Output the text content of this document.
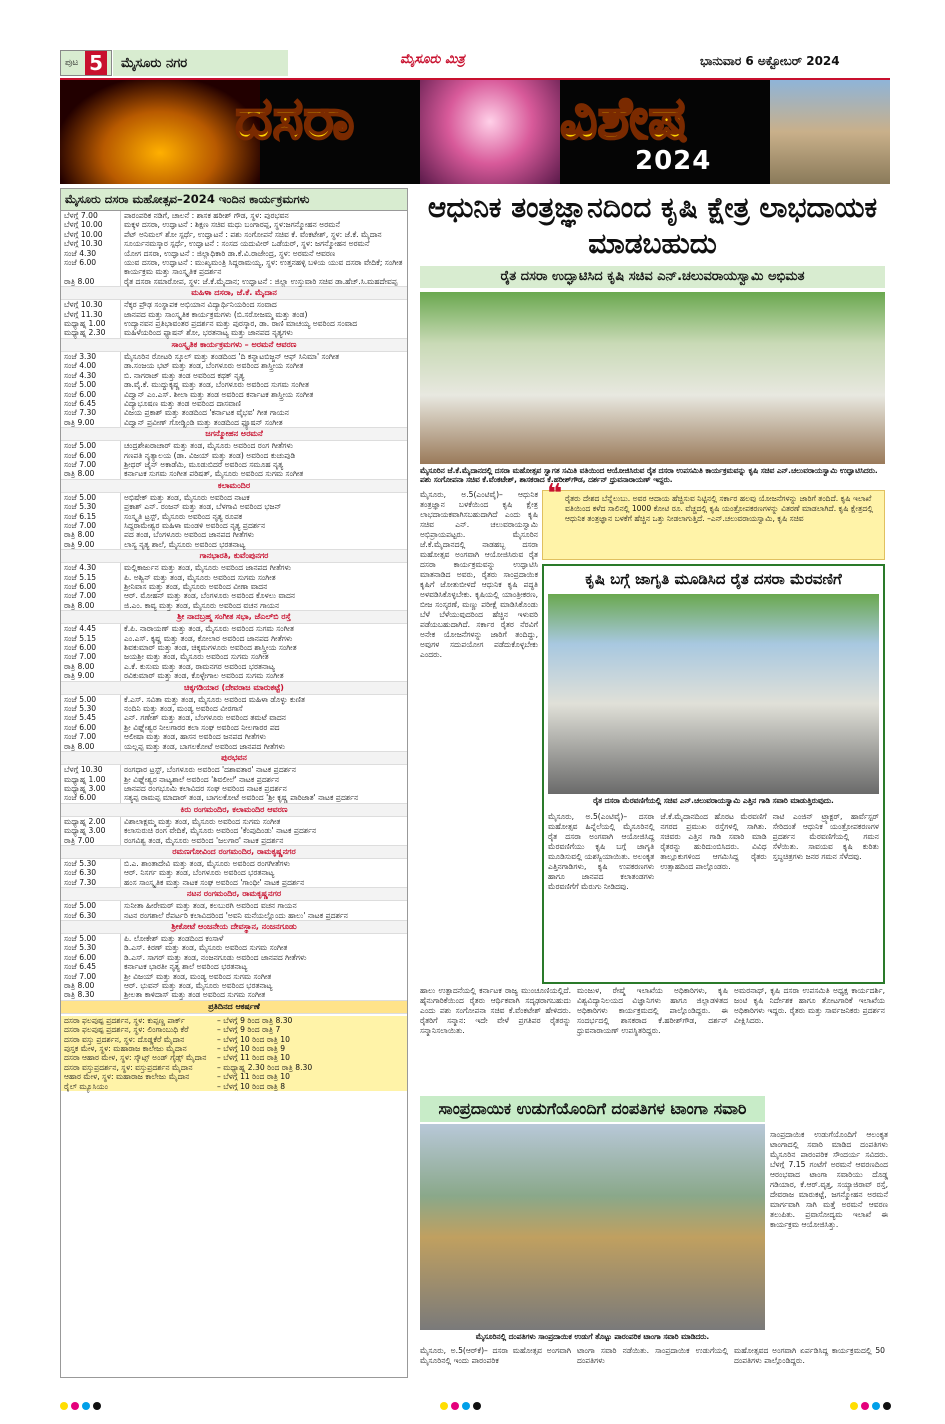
ಪುಟ 5	ಮೈಸೂರು ನಗರ	ಮೈಸೂರು ಮಿತ್ರ	ಭಾನುವಾರ 6 ಅಕ್ಟೋಬರ್ 2024
ದಸರಾ	ವಿಶೇಷ
2024
ಮೈಸೂರು ದಸರಾ ಮಹೋತ್ಸವ–2024 ಇಂದಿನ ಕಾರ್ಯಕ್ರಮಗಳು
ಬೆಳಗ್ಗೆ 7.00	ಪಾರಂಪರಿಕ ನಡಿಗೆ, ಚಾಲನೆ : ಶಾಸಕ ಹರೀಶ್ ಗೌಡ, ಸ್ಥಳ: ಪುರಭವನ
ಬೆಳಗ್ಗೆ 10.00	ಮಕ್ಕಳ ದಸರಾ, ಉದ್ಘಾಟನೆ : ಶಿಕ್ಷಣ ಸಚಿವ ಮಧು ಬಂಗಾರಪ್ಪ, ಸ್ಥಳ:ಜಗನ್ಮೋಹನ ಅರಮನೆ
ಬೆಳಗ್ಗೆ 10.00	ಪೆಟ್ ಅನಿಮಲ್ ಶೋ ಸ್ಪರ್ಧೆ, ಉದ್ಘಾಟನೆ : ಪಶು ಸಂಗೋಪನೆ ಸಚಿವ ಕೆ. ವೆಂಕಟೇಶ್, ಸ್ಥಳ: ಜೆ.ಕೆ. ಮೈದಾನ
ಬೆಳಗ್ಗೆ 10.30	ಸೂರ್ಯನಮಸ್ಕಾರ ಸ್ಪರ್ಧೆ, ಉದ್ಘಾಟನೆ : ಸಂಸದ ಯದುವೀರ್ ಒಡೆಯರ್, ಸ್ಥಳ: ಜಗನ್ಮೋಹನ ಅರಮನೆ
ಸಂಜೆ 4.30	ಯೋಗ ದಸರಾ, ಉದ್ಘಾಟನೆ : ಜಿಲ್ಲಾಧಿಕಾರಿ ಡಾ.ಕೆ.ವಿ.ರಾಜೇಂದ್ರ, ಸ್ಥಳ: ಅರಮನೆ ಆವರಣ
ಸಂಜೆ 6.00	ಯುವ ದಸರಾ, ಉದ್ಘಾಟನೆ : ಮುಖ್ಯಮಂತ್ರಿ ಸಿದ್ದರಾಮಯ್ಯ, ಸ್ಥಳ: ಉತ್ತನಹಳ್ಳಿ ಬಳಿಯ ಯುವ ದಸರಾ ವೇದಿಕೆ; ಸಂಗೀತ ಕಾರ್ಯಕ್ರಮ ಮತ್ತು ಸಾಂಸ್ಕೃತಿಕ ಪ್ರದರ್ಶನ
ರಾತ್ರಿ 8.00	ರೈತ ದಸರಾ ಸಮಾರೋಪ, ಸ್ಥಳ: ಜೆ.ಕೆ.ಮೈದಾನ; ಉದ್ಘಾಟನೆ : ಜಿಲ್ಲಾ ಉಸ್ತುವಾರಿ ಸಚಿವ ಡಾ.ಹೆಚ್.ಸಿ.ಮಹದೇವಪ್ಪ
ಮಹಿಳಾ ದಸರಾ, ಜೆ.ಕೆ. ಮೈದಾನ
ಬೆಳಗ್ಗೆ 10.30	ನೆಕ್ಕರ ಪ್ರೌಢ ಸಂಸ್ಥಾಪಕ ಅಭಿಯಾನ ವಿದ್ಯಾರ್ಥಿನಿಯರಿಂದ ಸಂವಾದ
ಬೆಳಗ್ಗೆ 11.30	ಜಾನಪದ ಮತ್ತು ಸಾಂಸ್ಕೃತಿಕ ಕಾರ್ಯಕ್ರಮಗಳು (ಬಿ.ಸರೋಜಮ್ಮ ಮತ್ತು ತಂಡ)
ಮಧ್ಯಾಹ್ನ 1.00	ಉದ್ಯಾನವನ ಪ್ರತಿಭಾವಂತರ ಪ್ರದರ್ಶನ ಮತ್ತು ಪುರಸ್ಕಾರ, ಡಾ. ರಾಣಿ ಮಾಚಯ್ಯ ಅವರಿಂದ ಸಂವಾದ
ಮಧ್ಯಾಹ್ನ 2.30	ಮಹಿಳೆಯರಿಂದ ಫ್ಯಾಷನ್ ಶೋ, ಭರತನಾಟ್ಯ ಮತ್ತು ಜಾನಪದ ನೃತ್ಯಗಳು
ಸಾಂಸ್ಕೃತಿಕ ಕಾರ್ಯಕ್ರಮಗಳು – ಅರಮನೆ ಆವರಣ
ಸಂಜೆ 3.30	ಮೈಸೂರಿನ ರೋಟರಿ ಸ್ಕೂಲ್ ಮತ್ತು ತಂಡದಿಂದ 'ದಿ ಕನ್ನಾಟಬಿಜ್ಜನ್ ಆಫ್ ಸಿನಿಮಾ' ಸಂಗೀತ
ಸಂಜೆ 4.00	ಡಾ.ಸಂಜಯ ಭಟ್ ಮತ್ತು ತಂಡ, ಬೆಂಗಳೂರು ಅವರಿಂದ ಶಾಸ್ತ್ರೀಯ ಸಂಗೀತ
ಸಂಜೆ 4.30	ಬಿ. ನಾಗರಾಜ್ ಮತ್ತು ತಂಡ ಅವರಿಂದ ಕಥಕ್ ನೃತ್ಯ
ಸಂಜೆ 5.00	ಡಾ.ವೈ.ಕೆ. ಮುದ್ದುಕೃಷ್ಣ ಮತ್ತು ತಂಡ, ಬೆಂಗಳೂರು ಅವರಿಂದ ಸುಗಮ ಸಂಗೀತ
ಸಂಜೆ 6.00	ವಿದ್ವಾನ್ ಎಂ.ಎಸ್. ಶೀಲಾ ಮತ್ತು ತಂಡ ಅವರಿಂದ ಕರ್ನಾಟಕ ಶಾಸ್ತ್ರೀಯ ಸಂಗೀತ
ಸಂಜೆ 6.45	ವಿದ್ಯಾಭೂಷಣ ಮತ್ತು ತಂಡ ಅವರಿಂದ ದಾಸವಾಣಿ
ಸಂಜೆ 7.30	ವಿಜಯ ಪ್ರಕಾಶ್ ಮತ್ತು ತಂಡದಿಂದ 'ಕರ್ನಾಟಕ ವೈಭವ' ಗೀತ ಗಾಯನ
ರಾತ್ರಿ 9.00	ವಿದ್ವಾನ್ ಪ್ರವೀಣ್ ಗೋಡ್ಖಿಂಡಿ ಮತ್ತು ತಂಡದಿಂದ ಫ್ಯೂಷನ್ ಸಂಗೀತ
ಜಗನ್ಮೋಹನ ಅರಮನೆ
ಸಂಜೆ 5.00	ಚಂದ್ರಶೇಖರಾಚಾರ್ ಮತ್ತು ತಂಡ, ಮೈಸೂರು ಅವರಿಂದ ರಂಗ ಗೀತೆಗಳು
ಸಂಜೆ 6.00	ಗಣಪತಿ ನೃತ್ಯಾಲಯ (ಡಾ. ವಿಜಯ್ ಮತ್ತು ತಂಡ) ಅವರಿಂದ ಕುಚುಪುಡಿ
ಸಂಜೆ 7.00	ಶ್ರೀಧರ್ ಜೈನ್ ಅಕಾಡೆಮಿ, ಮೂಡುಬಿದರೆ ಅವರಿಂದ ಸಮೂಹ ನೃತ್ಯ
ರಾತ್ರಿ 8.00	ಕರ್ನಾಟಕ ಸುಗಮ ಸಂಗೀತ ಪರಿಷತ್, ಮೈಸೂರು ಅವರಿಂದ ಸುಗಮ ಸಂಗೀತ
ಕಲಾಮಂದಿರ
ಸಂಜೆ 5.00	ಅಭಿಷೇಕ್ ಮತ್ತು ತಂಡ, ಮೈಸೂರು ಅವರಿಂದ ನಾಟಕ
ಸಂಜೆ 5.30	ಪ್ರಕಾಶ್ ಎನ್. ರಂಜನ್ ಮತ್ತು ತಂಡ, ಬೆಳಗಾವಿ ಅವರಿಂದ ಭಜನ್
ಸಂಜೆ 6.15	ಸಂಸ್ಕೃತಿ ಟ್ರಸ್ಟ್, ಮೈಸೂರು ಅವರಿಂದ ನೃತ್ಯ ರೂಪಕ
ಸಂಜೆ 7.00	ಸಿದ್ದರಾಮೇಶ್ವರ ಮಹಿಳಾ ಮಂಡಳಿ ಅವರಿಂದ ನೃತ್ಯ ಪ್ರದರ್ಶನ
ರಾತ್ರಿ 8.00	ಪದ ತಂಡ, ಬೆಂಗಳೂರು ಅವರಿಂದ ಜಾನಪದ ಗೀತೆಗಳು
ರಾತ್ರಿ 9.00	ಲಾಸ್ಯ ನೃತ್ಯ ಶಾಲೆ, ಮೈಸೂರು ಅವರಿಂದ ಭರತನಾಟ್ಯ
ಗಾನಭಾರತಿ, ಕುವೆಂಪುನಗರ
ಸಂಜೆ 4.30	ಮಲ್ಲಿಕಾರ್ಜುನ ಮತ್ತು ತಂಡ, ಮೈಸೂರು ಅವರಿಂದ ಜಾನಪದ ಗೀತೆಗಳು
ಸಂಜೆ 5.15	ಪಿ. ಅಶ್ವಿನ್ ಮತ್ತು ತಂಡ, ಮೈಸೂರು ಅವರಿಂದ ಸುಗಮ ಸಂಗೀತ
ಸಂಜೆ 6.00	ಶ್ರೀನಿವಾಸ ಮತ್ತು ತಂಡ, ಮೈಸೂರು ಅವರಿಂದ ವೀಣಾ ವಾದನ
ಸಂಜೆ 7.00	ಆರ್. ಮೋಹನ್ ಮತ್ತು ತಂಡ, ಬೆಂಗಳೂರು ಅವರಿಂದ ಕೊಳಲು ವಾದನ
ರಾತ್ರಿ 8.00	ಜಿ.ಎಂ. ಕಾವ್ಯ ಮತ್ತು ತಂಡ, ಮೈಸೂರು ಅವರಿಂದ ವಚನ ಗಾಯನ
ಶ್ರೀ ನಾದಬ್ರಹ್ಮ ಸಂಗೀತ ಸಭಾ, ಜೆಎಲ್‌ಬಿ ರಸ್ತೆ
ಸಂಜೆ 4.45	ಕೆ.ಪಿ. ನಾರಾಯಣ್ ಮತ್ತು ತಂಡ, ಮೈಸೂರು ಅವರಿಂದ ಸುಗಮ ಸಂಗೀತ
ಸಂಜೆ 5.15	ಎಂ.ಎಸ್. ಕೃಷ್ಣ ಮತ್ತು ತಂಡ, ಕೋಲಾರ ಅವರಿಂದ ಜಾನಪದ ಗೀತೆಗಳು
ಸಂಜೆ 6.00	ಶಿವಕುಮಾರ್ ಮತ್ತು ತಂಡ, ಚಿಕ್ಕಮಗಳೂರು ಅವರಿಂದ ಶಾಸ್ತ್ರೀಯ ಸಂಗೀತ
ಸಂಜೆ 7.00	ಜಯಶ್ರೀ ಮತ್ತು ತಂಡ, ಮೈಸೂರು ಅವರಿಂದ ಸುಗಮ ಸಂಗೀತ
ರಾತ್ರಿ 8.00	ಎ.ಕೆ. ಕುಸುಮ ಮತ್ತು ತಂಡ, ರಾಮನಗರ ಅವರಿಂದ ಭರತನಾಟ್ಯ
ರಾತ್ರಿ 9.00	ರವಿಕುಮಾರ್ ಮತ್ತು ತಂಡ, ಕೊಳ್ಳೇಗಾಲ ಅವರಿಂದ ಸುಗಮ ಸಂಗೀತ
ಚಿಕ್ಕಗಡಿಯಾರ (ದೇವರಾಜ ಮಾರುಕಟ್ಟೆ)
ಸಂಜೆ 5.00	ಕೆ.ಎಸ್. ಸವಿತಾ ಮತ್ತು ತಂಡ, ಮೈಸೂರು ಅವರಿಂದ ಮಹಿಳಾ ಡೊಳ್ಳು ಕುಣಿತ
ಸಂಜೆ 5.30	ನಂದಿನಿ ಮತ್ತು ತಂಡ, ಮಂಡ್ಯ ಅವರಿಂದ ವೀರಗಾಸೆ
ಸಂಜೆ 5.45	ಎನ್. ಗಣೇಶ್ ಮತ್ತು ತಂಡ, ಬೆಂಗಳೂರು ಅವರಿಂದ ತಮಟೆ ವಾದನ
ಸಂಜೆ 6.00	ಶ್ರೀ ವಿಘ್ನೇಶ್ವರ ನೀಲಗಾರರ ಕಲಾ ಸಂಘ ಅವರಿಂದ ನೀಲಗಾರರ ಪದ
ಸಂಜೆ 7.00	ಆಲೀಷಾ ಮತ್ತು ತಂಡ, ಹಾಸನ ಅವರಿಂದ ಜನಪದ ಗೀತೆಗಳು
ರಾತ್ರಿ 8.00	ಯಲ್ಲಪ್ಪ ಮತ್ತು ತಂಡ, ಬಾಗಲಕೋಟೆ ಅವರಿಂದ ಜಾನಪದ ಗೀತೆಗಳು
ಪುರಭವನ
ಬೆಳಗ್ಗೆ 10.30	ರಂಗಧಾರ ಟ್ರಸ್ಟ್, ಬೆಂಗಳೂರು ಅವರಿಂದ 'ದಶಾವತಾರ' ನಾಟಕ ಪ್ರದರ್ಶನ
ಮಧ್ಯಾಹ್ನ 1.00	ಶ್ರೀ ವಿಘ್ನೇಶ್ವರ ನಾಟ್ಯಶಾಲೆ ಅವರಿಂದ 'ಶಿವಲೀಲೆ' ನಾಟಕ ಪ್ರದರ್ಶನ
ಮಧ್ಯಾಹ್ನ 3.00	ಜಾನಪದ ರಂಗಭೂಮಿ ಕಲಾವಿದರ ಸಂಘ ಅವರಿಂದ ನಾಟಕ ಪ್ರದರ್ಶನ
ಸಂಜೆ 6.00	ಸತ್ಯಪ್ಪ ರಾಮಪ್ಪ ಮಾದಾರ್ ತಂಡ, ಬಾಗಲಕೋಟೆ ಅವರಿಂದ 'ಶ್ರೀ ಕೃಷ್ಣ ಪಾರಿಜಾತ' ನಾಟಕ ಪ್ರದರ್ಶನ
ಕಿರು ರಂಗಮಂದಿರ, ಕಲಾಮಂದಿರ ಆವರಣ
ಮಧ್ಯಾಹ್ನ 2.00	ವಿಶಾಲಾಕ್ಷಮ್ಮ ಮತ್ತು ತಂಡ, ಮೈಸೂರು ಅವರಿಂದ ಸುಗಮ ಸಂಗೀತ
ಮಧ್ಯಾಹ್ನ 3.00	ಕಲಾಸುರುಚಿ ರಂಗ ವೇದಿಕೆ, ಮೈಸೂರು ಅವರಿಂದ 'ಕೆಂಪುದಿಂಡು' ನಾಟಕ ಪ್ರದರ್ಶನ
ರಾತ್ರಿ 7.00	ರಂಗವಿಶ್ವ ತಂಡ, ಮೈಸೂರು ಅವರಿಂದ 'ಜಲಗಾರ' ನಾಟಕ ಪ್ರದರ್ಶನ
ರಮಣಗೋವಿಂದ ರಂಗಮಂದಿರ, ರಾಮಕೃಷ್ಣನಗರ
ಸಂಜೆ 5.30	ಬಿ.ಎ. ಶಾಂತಾದೇವಿ ಮತ್ತು ತಂಡ, ಮೈಸೂರು ಅವರಿಂದ ರಂಗಗೀತೆಗಳು
ಸಂಜೆ 6.30	ಆರ್. ನಿಸರ್ಗ ಮತ್ತು ತಂಡ, ಬೆಂಗಳೂರು ಅವರಿಂದ ಭರತನಾಟ್ಯ
ಸಂಜೆ 7.30	ಹಂಸ ಸಾಂಸ್ಕೃತಿಕ ಮತ್ತು ನಾಟಕ ಸಂಘ ಅವರಿಂದ 'ಗಾಂಧೀ' ನಾಟಕ ಪ್ರದರ್ಶನ
ನಟನ ರಂಗಮಂದಿರ, ರಾಮಕೃಷ್ಣನಗರ
ಸಂಜೆ 5.00	ಸುನೀತಾ ಹೀರೇಮಠ್ ಮತ್ತು ತಂಡ, ಕಲಬುರಗಿ ಅವರಿಂದ ವಚನ ಗಾಯನ
ಸಂಜೆ 6.30	ನಟನ ರಂಗಶಾಲೆ ರೆಪರ್ಟರಿ ಕಲಾವಿದರಿಂದ 'ಅವನಿ ಮನೆಯಲ್ಲೊಂದು ಹಾಲು' ನಾಟಕ ಪ್ರದರ್ಶನ
ಶ್ರೀಕೋಟೆ ಆಂಜನೇಯ ದೇವಸ್ಥಾನ, ನಂಜನಗೂಡು
ಸಂಜೆ 5.00	ಪಿ. ಲೋಕೇಶ್ ಮತ್ತು ತಂಡದಿಂದ ಕಂಸಾಳೆ
ಸಂಜೆ 5.30	ಡಿ.ಎಸ್. ಕಿರಣ್ ಮತ್ತು ತಂಡ, ಮೈಸೂರು ಅವರಿಂದ ಸುಗಮ ಸಂಗೀತ
ಸಂಜೆ 6.00	ಡಿ.ಎಸ್. ಸಾಗರ್ ಮತ್ತು ತಂಡ, ನಂಜನಗೂಡು ಅವರಿಂದ ಜಾನಪದ ಗೀತೆಗಳು
ಸಂಜೆ 6.45	ಕರ್ನಾಟಕ ಭಾರತೀ ನೃತ್ಯ ಶಾಲೆ ಅವರಿಂದ ಭರತನಾಟ್ಯ
ಸಂಜೆ 7.00	ಶ್ರೀ ವಿಜಯ್ ಮತ್ತು ತಂಡ, ಮಂಡ್ಯ ಅವರಿಂದ ಸುಗಮ ಸಂಗೀತ
ರಾತ್ರಿ 8.00	ಆರ್. ಭುವನ್ ಮತ್ತು ತಂಡ, ಮೈಸೂರು ಅವರಿಂದ ಭರತನಾಟ್ಯ
ರಾತ್ರಿ 8.30	ಶ್ರೀಲತಾ ಕಾಳಿದಾಸ್ ಮತ್ತು ತಂಡ ಅವರಿಂದ ಸುಗಮ ಸಂಗೀತ
ಪ್ರತಿದಿನದ ಆಕರ್ಷಣೆ
ದಸರಾ ಫಲಪುಷ್ಪ ಪ್ರದರ್ಶನ, ಸ್ಥಳ: ಕುಪ್ಪಣ್ಣ ಪಾರ್ಕ್	– ಬೆಳಗ್ಗೆ 9 ರಿಂದ ರಾತ್ರಿ 8.30
ದಸರಾ ಫಲಪುಷ್ಪ ಪ್ರದರ್ಶನ, ಸ್ಥಳ: ಲಿಂಗಾಂಬುಧಿ ಕೆರೆ	– ಬೆಳಗ್ಗೆ 9 ರಿಂದ ರಾತ್ರಿ 7
ದಸರಾ ವಸ್ತು ಪ್ರದರ್ಶನ, ಸ್ಥಳ: ದೊಡ್ಡಕೆರೆ ಮೈದಾನ	– ಬೆಳಗ್ಗೆ 10 ರಿಂದ ರಾತ್ರಿ 10
ಪುಸ್ತಕ ಮೇಳ, ಸ್ಥಳ: ಮಹಾರಾಜ ಕಾಲೇಜು ಮೈದಾನ	– ಬೆಳಗ್ಗೆ 10 ರಿಂದ ರಾತ್ರಿ 9
ದಸರಾ ಆಹಾರ ಮೇಳ, ಸ್ಥಳ: ಸ್ಕೌಟ್ಸ್ ಅಂಡ್ ಗೈಡ್ಸ್ ಮೈದಾನ	– ಬೆಳಗ್ಗೆ 11 ರಿಂದ ರಾತ್ರಿ 10
ದಸರಾ ವಸ್ತುಪ್ರದರ್ಶನ, ಸ್ಥಳ: ವಸ್ತುಪ್ರದರ್ಶನ ಮೈದಾನ	– ಮಧ್ಯಾಹ್ನ 2.30 ರಿಂದ ರಾತ್ರಿ 8.30
ಆಹಾರ ಮೇಳ, ಸ್ಥಳ: ಮಹಾರಾಜ ಕಾಲೇಜು ಮೈದಾನ	– ಬೆಳಗ್ಗೆ 11 ರಿಂದ ರಾತ್ರಿ 10
ರೈಲ್ ಮ್ಯೂಸಿಯಂ	– ಬೆಳಗ್ಗೆ 10 ರಿಂದ ರಾತ್ರಿ 8
ಆಧುನಿಕ ತಂತ್ರಜ್ಞಾನದಿಂದ ಕೃಷಿ ಕ್ಷೇತ್ರ ಲಾಭದಾಯಕ ಮಾಡಬಹುದು
ರೈತ ದಸರಾ ಉದ್ಘಾಟಿಸಿದ ಕೃಷಿ ಸಚಿವ ಎನ್.ಚಲುವರಾಯಸ್ವಾಮಿ ಅಭಿಮತ
ಮೈಸೂರಿನ ಜೆ.ಕೆ.ಮೈದಾನದಲ್ಲಿ ದಸರಾ ಮಹೋತ್ಸವ ಸ್ವಾಗತ ಸಮಿತಿ ವತಿಯಿಂದ ಆಯೋಜಿಸಿರುವ ರೈತ ದಸರಾ ಉಪಸಮಿತಿ ಕಾರ್ಯಕ್ರಮವನ್ನು ಕೃಷಿ ಸಚಿವ ಎನ್.ಚಲುವರಾಯಸ್ವಾಮಿ ಉದ್ಘಾಟಿಸಿದರು. ಪಶು ಸಂಗೋಪನಾ ಸಚಿವ ಕೆ.ವೆಂಕಟೇಶ್, ಶಾಸಕರಾದ ಕೆ.ಹರೀಶ್‌ಗೌಡ, ದರ್ಶನ್ ಧ್ರುವನಾರಾಯಣ್ ಇದ್ದರು.
ಮೈಸೂರು, ಅ.5(ಎಂಟಿವೈ)– ಆಧುನಿಕ ತಂತ್ರಜ್ಞಾನ ಬಳಕೆಯಿಂದ ಕೃಷಿ ಕ್ಷೇತ್ರ ಲಾಭದಾಯಕವಾಗಿಸಬಹುದಾಗಿದೆ ಎಂದು ಕೃಷಿ ಸಚಿವ ಎನ್. ಚಲುವರಾಯಸ್ವಾಮಿ ಅಭಿಪ್ರಾಯಪಟ್ಟರು. ಮೈಸೂರಿನ ಜೆ.ಕೆ.ಮೈದಾನದಲ್ಲಿ ನಾಡಹಬ್ಬ ದಸರಾ ಮಹೋತ್ಸವ ಅಂಗವಾಗಿ ಆಯೋಜಿಸಿರುವ ರೈತ ದಸರಾ ಕಾರ್ಯಕ್ರಮವನ್ನು ಉದ್ಘಾಟಿಸಿ ಮಾತನಾಡಿದ ಅವರು, ರೈತರು ಸಾಂಪ್ರದಾಯಿಕ ಕೃಷಿಗೆ ಜೋತುಬೀಳದೆ ಆಧುನಿಕ ಕೃಷಿ ಪದ್ಧತಿ ಅಳವಡಿಸಿಕೊಳ್ಳಬೇಕು. ಕೃಷಿಯಲ್ಲಿ ಯಾಂತ್ರೀಕರಣ, ಬೀಜ ಸಂಸ್ಕರಣೆ, ಮಣ್ಣು ಪರೀಕ್ಷೆ ಮಾಡಿಸಿಕೊಂಡು ಬೆಳೆ ಬೆಳೆಯುವುದರಿಂದ ಹೆಚ್ಚಿನ ಇಳುವರಿ ಪಡೆಯಬಹುದಾಗಿದೆ. ಸರ್ಕಾರ ರೈತರ ನೆರವಿಗೆ ಅನೇಕ ಯೋಜನೆಗಳನ್ನು ಜಾರಿಗೆ ತಂದಿದ್ದು, ಅವುಗಳ ಸದುಪಯೋಗ ಪಡೆದುಕೊಳ್ಳಬೇಕು ಎಂದರು.
❝ ರೈತರು ದೇಶದ ಬೆನ್ನೆಲುಬು. ಅವರ ಆದಾಯ ಹೆಚ್ಚಿಸುವ ನಿಟ್ಟಿನಲ್ಲಿ ಸರ್ಕಾರ ಹಲವು ಯೋಜನೆಗಳನ್ನು ಜಾರಿಗೆ ತಂದಿದೆ. ಕೃಷಿ ಇಲಾಖೆ ವತಿಯಿಂದ ಕಳೆದ ಸಾಲಿನಲ್ಲಿ 1000 ಕೋಟಿ ರೂ. ವೆಚ್ಚದಲ್ಲಿ ಕೃಷಿ ಯಂತ್ರೋಪಕರಣಗಳನ್ನು ವಿತರಣೆ ಮಾಡಲಾಗಿದೆ. ಕೃಷಿ ಕ್ಷೇತ್ರದಲ್ಲಿ ಆಧುನಿಕ ತಂತ್ರಜ್ಞಾನ ಬಳಕೆಗೆ ಹೆಚ್ಚಿನ ಒತ್ತು ನೀಡಲಾಗುತ್ತಿದೆ. –ಎನ್.ಚಲುವರಾಯಸ್ವಾಮಿ, ಕೃಷಿ ಸಚಿವ
ಕೃಷಿ ಬಗ್ಗೆ ಜಾಗೃತಿ ಮೂಡಿಸಿದ ರೈತ ದಸರಾ ಮೆರವಣಿಗೆ
ರೈತ ದಸರಾ ಮೆರವಣಿಗೆಯಲ್ಲಿ ಸಚಿವ ಎನ್.ಚಲುವರಾಯಸ್ವಾಮಿ ಎತ್ತಿನ ಗಾಡಿ ಸವಾರಿ ಮಾಡುತ್ತಿರುವುದು.
ಮೈಸೂರು, ಅ.5(ಎಂಟಿವೈ)– ದಸರಾ ಮಹೋತ್ಸವ ಹಿನ್ನೆಲೆಯಲ್ಲಿ ಮೈಸೂರಿನಲ್ಲಿ ರೈತ ದಸರಾ ಅಂಗವಾಗಿ ಆಯೋಜಿಸಿದ್ದ ಮೆರವಣಿಗೆಯು ಕೃಷಿ ಬಗ್ಗೆ ಜಾಗೃತಿ ಮೂಡಿಸುವಲ್ಲಿ ಯಶಸ್ವಿಯಾಯಿತು. ಅಲಂಕೃತ ಎತ್ತಿನಗಾಡಿಗಳು, ಕೃಷಿ ಉಪಕರಣಗಳು ಹಾಗೂ ಜಾನಪದ ಕಲಾತಂಡಗಳು ಮೆರವಣಿಗೆಗೆ ಮೆರುಗು ನೀಡಿದವು.
ಜೆ.ಕೆ.ಮೈದಾನದಿಂದ ಹೊರಟ ಮೆರವಣಿಗೆ ನಗರದ ಪ್ರಮುಖ ರಸ್ತೆಗಳಲ್ಲಿ ಸಾಗಿತು. ಸಚಿವರು ಎತ್ತಿನ ಗಾಡಿ ಸವಾರಿ ಮಾಡಿ ರೈತರನ್ನು ಹುರಿದುಂಬಿಸಿದರು. ವಿವಿಧ ತಾಲ್ಲೂಕುಗಳಿಂದ ಆಗಮಿಸಿದ್ದ ರೈತರು ಉತ್ಸಾಹದಿಂದ ಪಾಲ್ಗೊಂಡರು.
ನಾಟಿ ಎಂಜಿನ್ ಟ್ರ್ಯಾಕ್ಟರ್, ಹಾರ್ವೆಸ್ಟರ್ ಸೇರಿದಂತೆ ಆಧುನಿಕ ಯಂತ್ರೋಪಕರಣಗಳ ಪ್ರದರ್ಶನ ಮೆರವಣಿಗೆಯಲ್ಲಿ ಗಮನ ಸೆಳೆಯಿತು. ಸಾವಯವ ಕೃಷಿ ಕುರಿತು ಸ್ತಬ್ಧಚಿತ್ರಗಳು ಜನರ ಗಮನ ಸೆಳೆದವು.
ಹಾಲು ಉತ್ಪಾದನೆಯಲ್ಲಿ ಕರ್ನಾಟಕ ರಾಜ್ಯ ಮುಂಚೂಣಿಯಲ್ಲಿದೆ. ಹೈನುಗಾರಿಕೆಯಿಂದ ರೈತರು ಆರ್ಥಿಕವಾಗಿ ಸದೃಢರಾಗಬಹುದು ಎಂದು ಪಶು ಸಂಗೋಪನಾ ಸಚಿವ ಕೆ.ವೆಂಕಟೇಶ್ ಹೇಳಿದರು. ರೈತರಿಗೆ ಸನ್ಮಾನ: ಇದೇ ವೇಳೆ ಪ್ರಗತಿಪರ ರೈತರನ್ನು ಸನ್ಮಾನಿಸಲಾಯಿತು.
ಮಂಜುಳ, ರೇಷ್ಮೆ ಇಲಾಖೆಯ ಅಧಿಕಾರಿಗಳು, ಕೃಷಿ ವಿಶ್ವವಿದ್ಯಾನಿಲಯದ ವಿಜ್ಞಾನಿಗಳು ಹಾಗೂ ಜಿಲ್ಲಾಡಳಿತದ ಅಧಿಕಾರಿಗಳು ಕಾರ್ಯಕ್ರಮದಲ್ಲಿ ಪಾಲ್ಗೊಂಡಿದ್ದರು. ಈ ಸಂದರ್ಭದಲ್ಲಿ ಶಾಸಕರಾದ ಕೆ.ಹರೀಶ್‌ಗೌಡ, ದರ್ಶನ್ ಧ್ರುವನಾರಾಯಣ್ ಉಪಸ್ಥಿತರಿದ್ದರು.
ಅಮರನಾಥ್, ಕೃಷಿ ದಸರಾ ಉಪಸಮಿತಿ ಅಧ್ಯಕ್ಷ ಕಾರ್ಯದರ್ಶಿ, ಜಂಟಿ ಕೃಷಿ ನಿರ್ದೇಶಕ ಹಾಗೂ ತೋಟಗಾರಿಕೆ ಇಲಾಖೆಯ ಅಧಿಕಾರಿಗಳು ಇದ್ದರು. ರೈತರು ಮತ್ತು ಸಾರ್ವಜನಿಕರು ಪ್ರದರ್ಶನ ವೀಕ್ಷಿಸಿದರು.
ಸಾಂಪ್ರದಾಯಿಕ ಉಡುಗೆಯೊಂದಿಗೆ ದಂಪತಿಗಳ ಟಾಂಗಾ ಸವಾರಿ
ಮೈಸೂರಿನಲ್ಲಿ ದಂಪತಿಗಳು ಸಾಂಪ್ರದಾಯಿಕ ಉಡುಗೆ ತೊಟ್ಟು ಪಾರಂಪರಿಕ ಟಾಂಗಾ ಸವಾರಿ ಮಾಡಿದರು.
ಸಾಂಪ್ರದಾಯಿಕ ಉಡುಗೆಯೊಂದಿಗೆ ಆಲಂಕೃತ ಟಾಂಗಾದಲ್ಲಿ ಸವಾರಿ ಮಾಡಿದ ದಂಪತಿಗಳು ಮೈಸೂರಿನ ಪಾರಂಪರಿಕ ಸೌಂದರ್ಯ ಸವಿದರು. ಬೆಳಗ್ಗೆ 7.15 ಗಂಟೆಗೆ ಅರಮನೆ ಆವರಣದಿಂದ ಆರಂಭವಾದ ಟಾಂಗಾ ಸವಾರಿಯು ದೊಡ್ಡ ಗಡಿಯಾರ, ಕೆ.ಆರ್.ವೃತ್ತ, ಸಯ್ಯಾಜಿರಾವ್ ರಸ್ತೆ, ದೇವರಾಜ ಮಾರುಕಟ್ಟೆ, ಜಗನ್ಮೋಹನ ಅರಮನೆ ಮಾರ್ಗವಾಗಿ ಸಾಗಿ ಮತ್ತೆ ಅರಮನೆ ಆವರಣ ತಲುಪಿತು. ಪ್ರವಾಸೋದ್ಯಮ ಇಲಾಖೆ ಈ ಕಾರ್ಯಕ್ರಮ ಆಯೋಜಿಸಿತ್ತು.
ಮೈಸೂರು, ಅ.5(ಆರ್‌ಕೆ)– ದಸರಾ ಮಹೋತ್ಸವ ಅಂಗವಾಗಿ ಮೈಸೂರಿನಲ್ಲಿ ಇಂದು ಪಾರಂಪರಿಕ
ಟಾಂಗಾ ಸವಾರಿ ನಡೆಯಿತು. ಸಾಂಪ್ರದಾಯಿಕ ಉಡುಗೆಯಲ್ಲಿ ದಂಪತಿಗಳು
ಮಹೋತ್ಸವದ ಅಂಗವಾಗಿ ಏರ್ಪಡಿಸಿದ್ದ ಕಾರ್ಯಕ್ರಮದಲ್ಲಿ 50 ದಂಪತಿಗಳು ಪಾಲ್ಗೊಂಡಿದ್ದರು.
